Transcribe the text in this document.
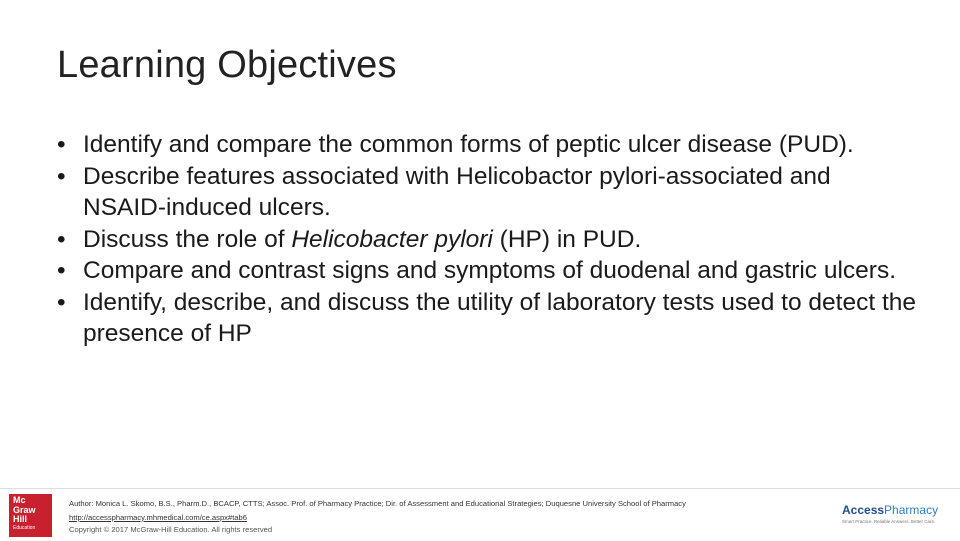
Learning Objectives
• Identify and compare the common forms of peptic ulcer disease (PUD).
• Describe features associated with Helicobactor pylori-associated and NSAID-induced ulcers.
• Discuss the role of Helicobacter pylori (HP) in PUD.
• Compare and contrast signs and symptoms of duodenal and gastric ulcers.
• Identify, describe, and discuss the utility of laboratory tests used to detect the presence of HP
Mc
Graw
Hill
Education
Author: Monica L. Skomo, B.S., Pharm.D., BCACP, CTTS; Assoc. Prof. of Pharmacy Practice; Dir. of Assessment and Educational Strategies; Duquesne University School of Pharmacy
http://accesspharmacy.mhmedical.com/ce.aspx#tab6
Copyright © 2017 McGraw-Hill Education. All rights reserved
AccessPharmacy
Smart Practice. Reliable Answers. Better Care.
